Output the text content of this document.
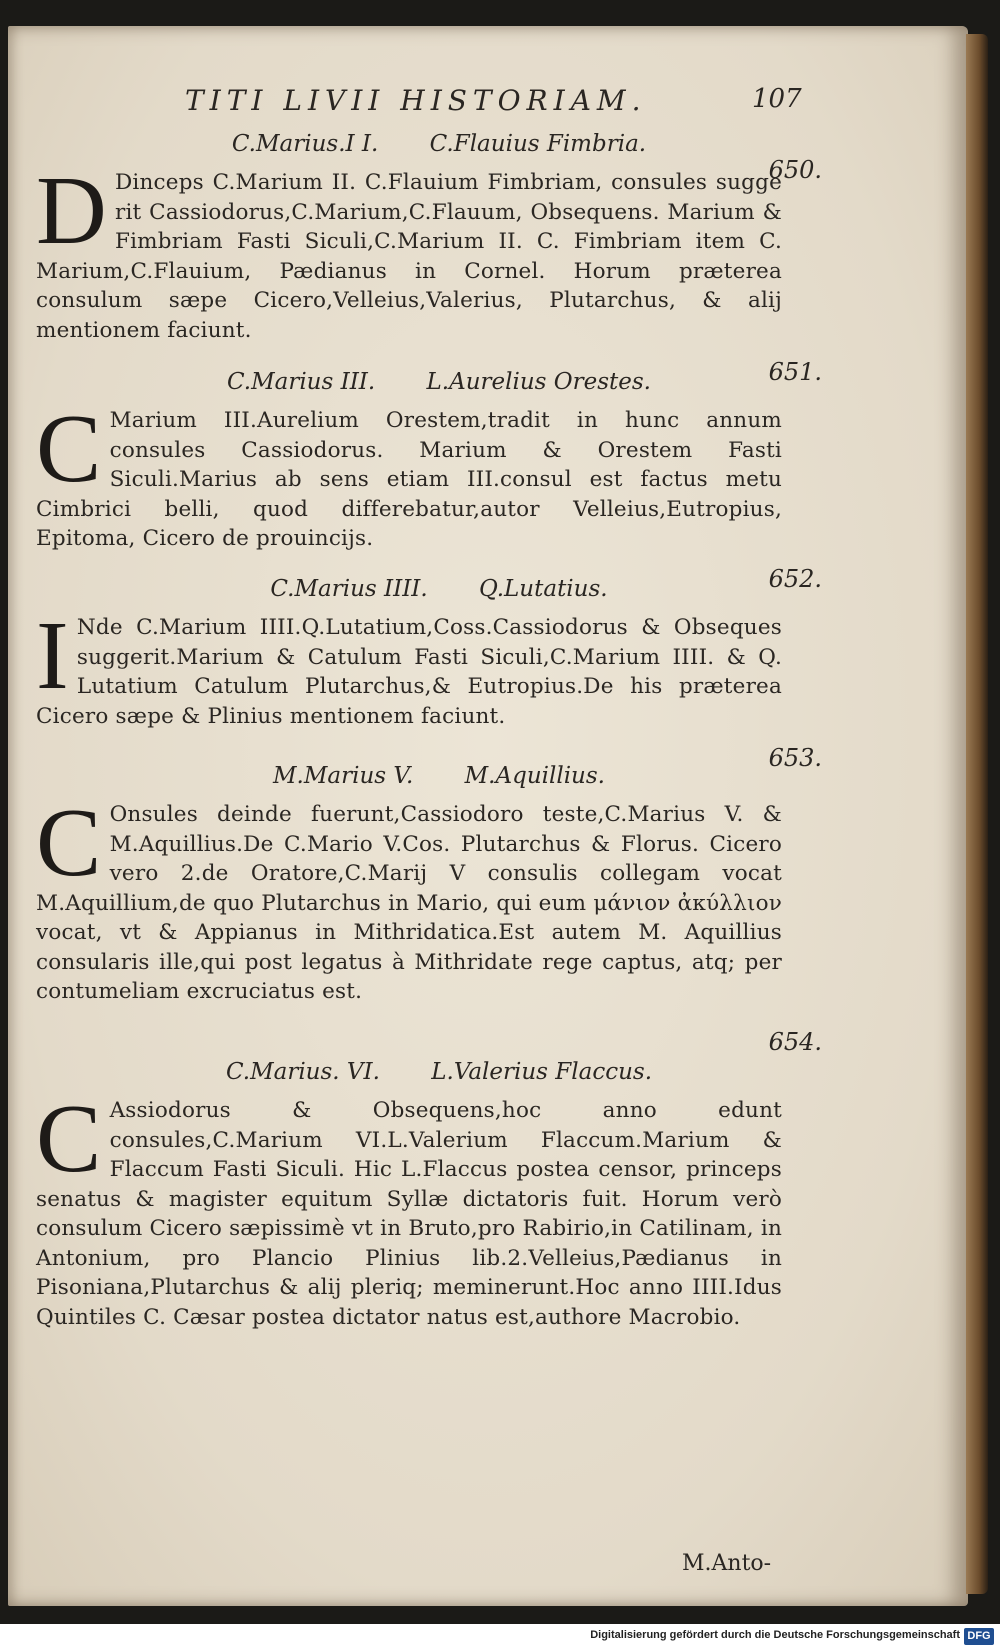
TITI LIVII HISTORIAM.	107
C.Marius.I I. C.Flauius Fimbria.
650.
D Dinceps C.Marium II. C.Flauium Fimbriam, consules sugge rit Cassiodorus,C.Marium,C.Flauum, Obsequens. Marium & Fimbriam Fasti Siculi,C.Marium II. C. Fimbriam item C. Marium,C.Flauium, Pædianus in Cornel. Horum præterea consulum sæpe Cicero,Velleius,Valerius, Plutarchus, & alij mentionem faciunt.
C.Marius III. L.Aurelius Orestes.	651.
C Marium III.Aurelium Orestem,tradit in hunc annum consules Cassiodorus. Marium & Orestem Fasti Siculi.Marius ab sens etiam III.consul est factus metu Cimbrici belli, quod differebatur,autor Velleius,Eutropius, Epitoma, Cicero de prouincijs.
C.Marius IIII. Q.Lutatius.	652.
I Nde C.Marium IIII.Q.Lutatium,Coss.Cassiodorus & Obseques suggerit.Marium & Catulum Fasti Siculi,C.Marium IIII. & Q. Lutatium Catulum Plutarchus,& Eutropius.De his præterea Cicero sæpe & Plinius mentionem faciunt.
M.Marius V. M.Aquillius.
653.
C Onsules deinde fuerunt,Cassiodoro teste,C.Marius V. & M.Aquillius.De C.Mario V.Cos. Plutarchus & Florus. Cicero vero 2.de Oratore,C.Marij V consulis collegam vocat M.Aquillium,de quo Plutarchus in Mario, qui eum μάνιον ἀκύλλιον vocat, vt & Appianus in Mithridatica.Est autem M. Aquillius consularis ille,qui post legatus à Mithridate rege captus, atq; per contumeliam excruciatus est.
C.Marius. VI. L.Valerius Flaccus.
654.
C Assiodorus & Obsequens,hoc anno edunt consules,C.Marium VI.L.Valerium Flaccum.Marium & Flaccum Fasti Siculi. Hic L.Flaccus postea censor, princeps senatus & magister equitum Syllæ dictatoris fuit. Horum verò consulum Cicero sæpissimè vt in Bruto,pro Rabirio,in Catilinam, in Antonium, pro Plancio Plinius lib.2.Velleius,Pædianus in Pisoniana,Plutarchus & alij pleriq; meminerunt.Hoc anno IIII.Idus Quintiles C. Cæsar postea dictator natus est,authore Macrobio.
M.Anto-
Digitalisierung gefördert durch die Deutsche Forschungsgemeinschaft DFG
